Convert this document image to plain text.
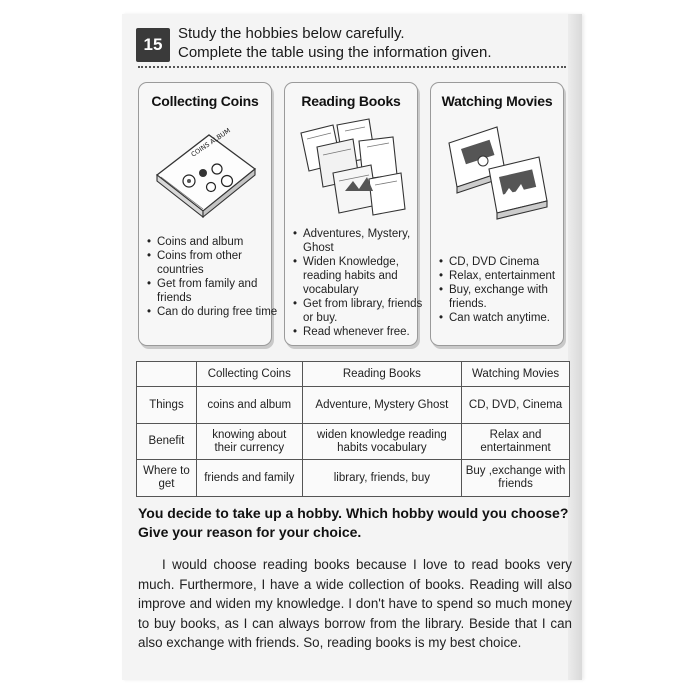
15
Study the hobbies below carefully.
Complete the table using the information given.
Collecting Coins
COINS ALBUM
• Coins and album
• Coins from other countries
• Get from family and friends
• Can do during free time
Reading Books
• Adventures, Mystery, Ghost
• Widen Knowledge, reading habits and vocabulary
• Get from library, friends or buy.
• Read whenever free.
Watching Movies
• CD, DVD Cinema
• Relax, entertainment
• Buy, exchange with friends.
• Can watch anytime.
	Collecting Coins	Reading Books	Watching Movies
Things	coins and album	Adventure, Mystery Ghost	CD, DVD, Cinema
Benefit	knowing about their currency	widen knowledge reading habits vocabulary	Relax and entertainment
Where to get	friends and family	library, friends, buy	Buy ,exchange with friends
You decide to take up a hobby. Which hobby would you choose? Give your reason for your choice.
I would choose reading books because I love to read books very much. Furthermore, I have a wide collection of books. Reading will also improve and widen my knowledge. I don't have to spend so much money to buy books, as I can always borrow from the library. Beside that I can also exchange with friends. So, reading books is my best choice.
